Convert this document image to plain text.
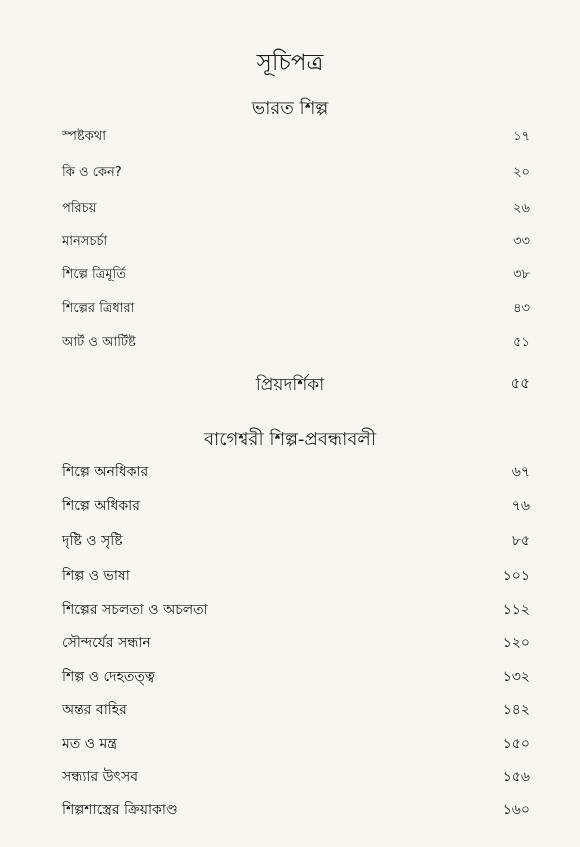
সূচিপত্র
ভারত শিল্প
স্পষ্টকথা	১৭
কি ও কেন?	২০
পরিচয়	২৬
মানসচর্চা	৩৩
শিল্পে ত্রিমূর্তি	৩৮
শিল্পের ত্রিধারা	৪৩
আর্ট ও আর্টিষ্ট	৫১
প্রিয়দর্শিকা	৫৫
বাগেশ্বরী শিল্প-প্রবন্ধাবলী
শিল্পে অনধিকার	৬৭
শিল্পে অধিকার	৭৬
দৃষ্টি ও সৃষ্টি	৮৫
শিল্প ও ভাষা	১০১
শিল্পের সচলতা ও অচলতা	১১২
সৌন্দর্যের সন্ধান	১২০
শিল্প ও দেহতত্ত্ব	১৩২
অন্তর বাহির	১৪২
মত ও মন্ত্র	১৫০
সন্ধ্যার উৎসব	১৫৬
শিল্পশাস্ত্রের ক্রিয়াকাণ্ড	১৬০
